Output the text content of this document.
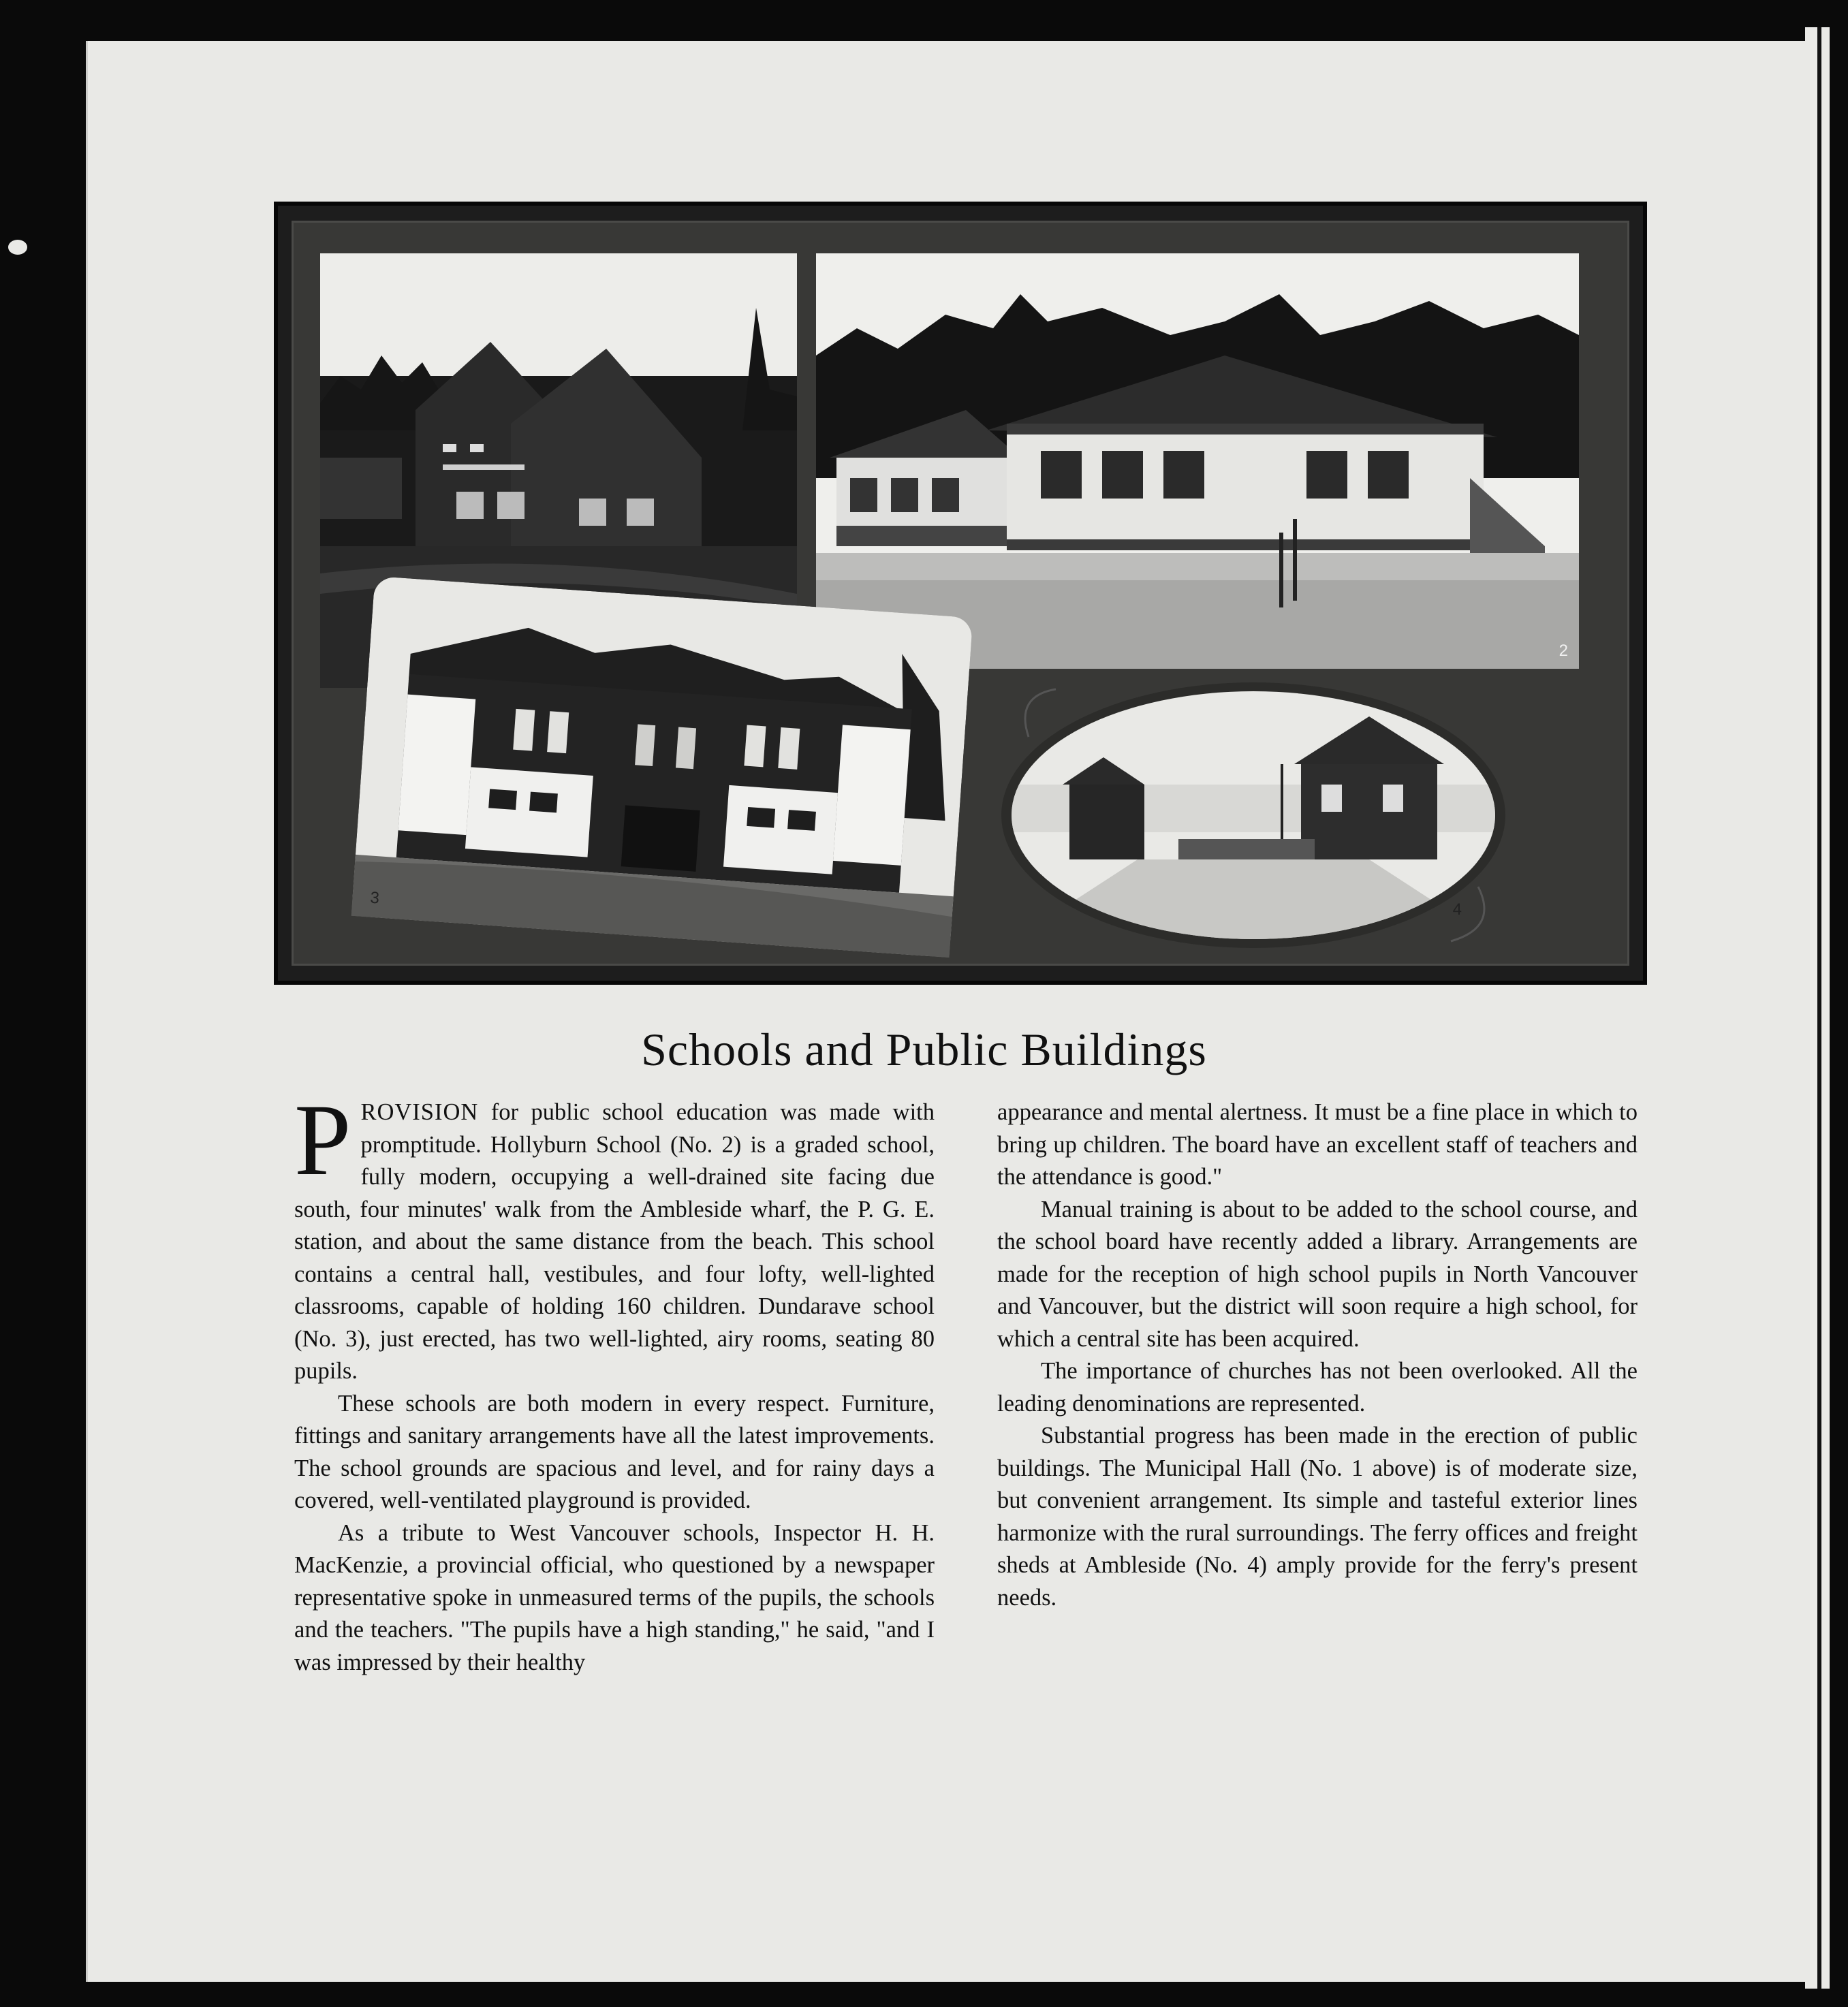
2
3
4
Schools and Public Buildings

PROVISION for public school education was made with promptitude. Hollyburn School (No. 2) is a graded school, fully modern, occupying a well-drained site facing due south, four minutes' walk from the Ambleside wharf, the P. G. E. station, and about the same distance from the beach. This school contains a central hall, vestibules, and four lofty, well-lighted classrooms, capable of holding 160 children. Dundarave school (No. 3), just erected, has two well-lighted, airy rooms, seating 80 pupils.

These schools are both modern in every respect. Furniture, fittings and sanitary arrangements have all the latest improvements. The school grounds are spacious and level, and for rainy days a covered, well-ventilated playground is provided.

As a tribute to West Vancouver schools, Inspector H. H. MacKenzie, a provincial official, who questioned by a newspaper representative spoke in unmeasured terms of the pupils, the schools and the teachers. "The pupils have a high standing," he said, "and I was impressed by their healthy

appearance and mental alertness. It must be a fine place in which to bring up children. The board have an excellent staff of teachers and the attendance is good."

Manual training is about to be added to the school course, and the school board have recently added a library. Arrangements are made for the reception of high school pupils in North Vancouver and Vancouver, but the district will soon require a high school, for which a central site has been acquired.

The importance of churches has not been overlooked. All the leading denominations are represented.

Substantial progress has been made in the erection of public buildings. The Municipal Hall (No. 1 above) is of moderate size, but convenient arrangement. Its simple and tasteful exterior lines harmonize with the rural surroundings. The ferry offices and freight sheds at Ambleside (No. 4) amply provide for the ferry's present needs.
